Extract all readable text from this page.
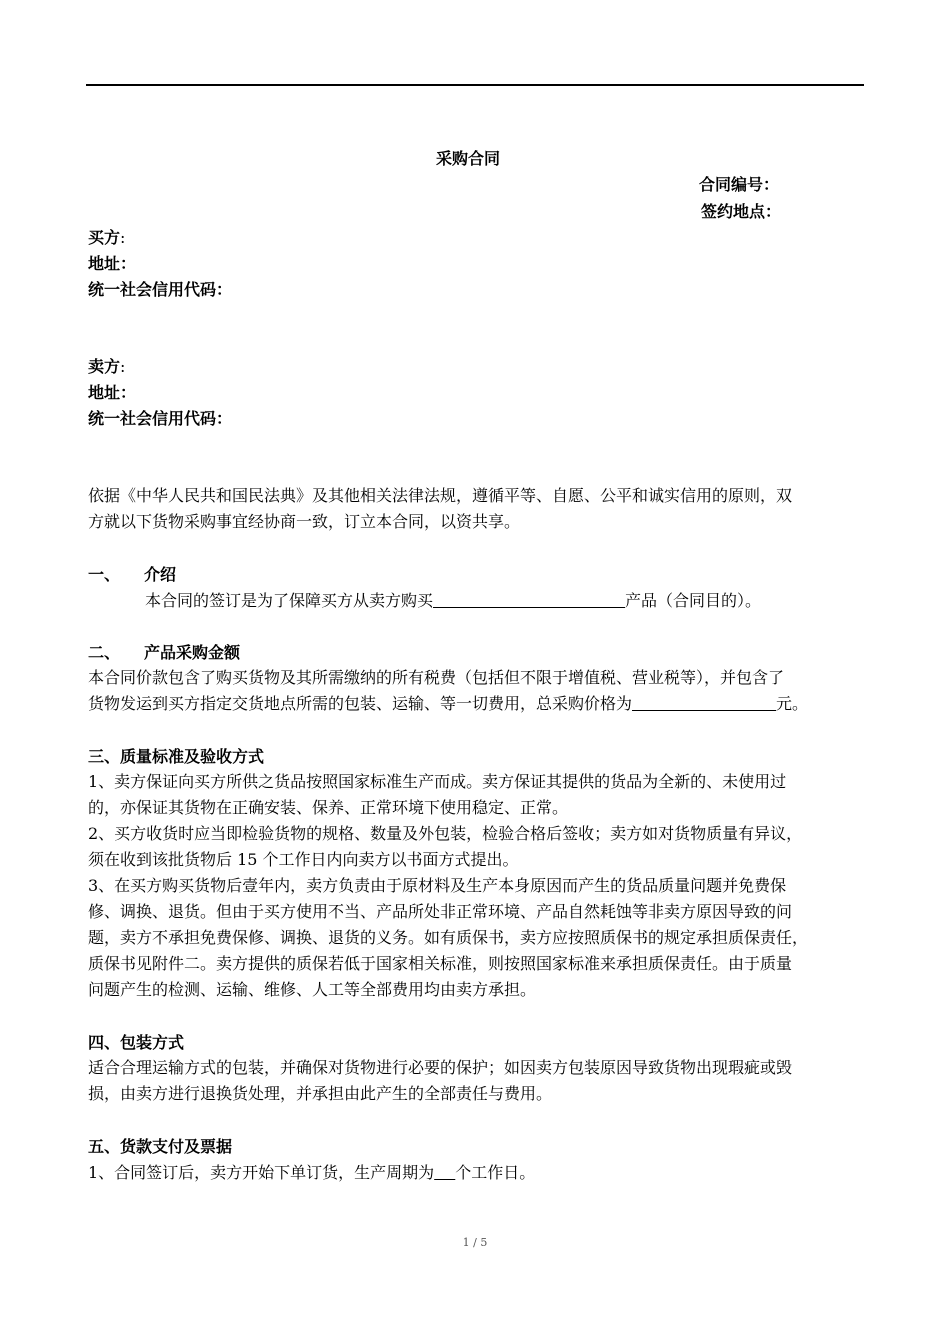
采购合同
合同编号：
签约地点：
买方:
地址：
统一社会信用代码：
卖方:
地址：
统一社会信用代码：
依据《中华人民共和国民法典》及其他相关法律法规，遵循平等、自愿、公平和诚实信用的原则，双
方就以下货物采购事宜经协商一致，订立本合同，以资共享。
一、 介绍
本合同的签订是为了保障买方从卖方购买　　　　　　　　　　　　	产品（合同目的）。
二、 产品采购金额
本合同价款包含了购买货物及其所需缴纳的所有税费（包括但不限于增值税、营业税等），并包含了
货物发运到买方指定交货地点所需的包装、运输、等一切费用，总采购价格为　　　　　　　　　	元。
三、质量标准及验收方式
1、卖方保证向买方所供之货品按照国家标准生产而成。卖方保证其提供的货品为全新的、未使用过
的，亦保证其货物在正确安装、保养、正常环境下使用稳定、正常。
2、买方收货时应当即检验货物的规格、数量及外包装，检验合格后签收；卖方如对货物质量有异议，
须在收到该批货物后 15 个工作日内向卖方以书面方式提出。
3、在买方购买货物后壹年内，卖方负责由于原材料及生产本身原因而产生的货品质量问题并免费保
修、调换、退货。但由于买方使用不当、产品所处非正常环境、产品自然耗蚀等非卖方原因导致的问
题，卖方不承担免费保修、调换、退货的义务。如有质保书，卖方应按照质保书的规定承担质保责任，
质保书见附件二。卖方提供的质保若低于国家相关标准，则按照国家标准来承担质保责任。由于质量
问题产生的检测、运输、维修、人工等全部费用均由卖方承担。
四、包装方式
适合合理运输方式的包装，并确保对货物进行必要的保护；如因卖方包装原因导致货物出现瑕疵或毁
损，由卖方进行退换货处理，并承担由此产生的全部责任与费用。
五、货款支付及票据
1、合同签订后，卖方开始下单订货，生产周期为　 个工作日。
1 / 5
